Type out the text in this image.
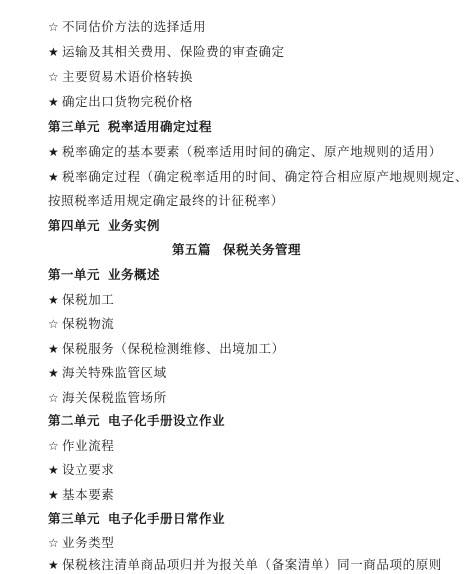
☆ 不同估价方法的选择适用
★ 运输及其相关费用、保险费的审查确定
☆ 主要贸易术语价格转换
★ 确定出口货物完税价格
第三单元 税率适用确定过程
★ 税率确定的基本要素（税率适用时间的确定、原产地规则的适用）
★ 税率确定过程（确定税率适用的时间、确定符合相应原产地规则规定、
按照税率适用规定确定最终的计征税率）
第四单元 业务实例
第五篇 保税关务管理
第一单元 业务概述
★ 保税加工
☆ 保税物流
★ 保税服务（保税检测维修、出境加工）
★ 海关特殊监管区域
☆ 海关保税监管场所
第二单元 电子化手册设立作业
☆ 作业流程
★ 设立要求
★ 基本要素
第三单元 电子化手册日常作业
☆ 业务类型
★ 保税核注清单商品项归并为报关单（备案清单）同一商品项的原则
